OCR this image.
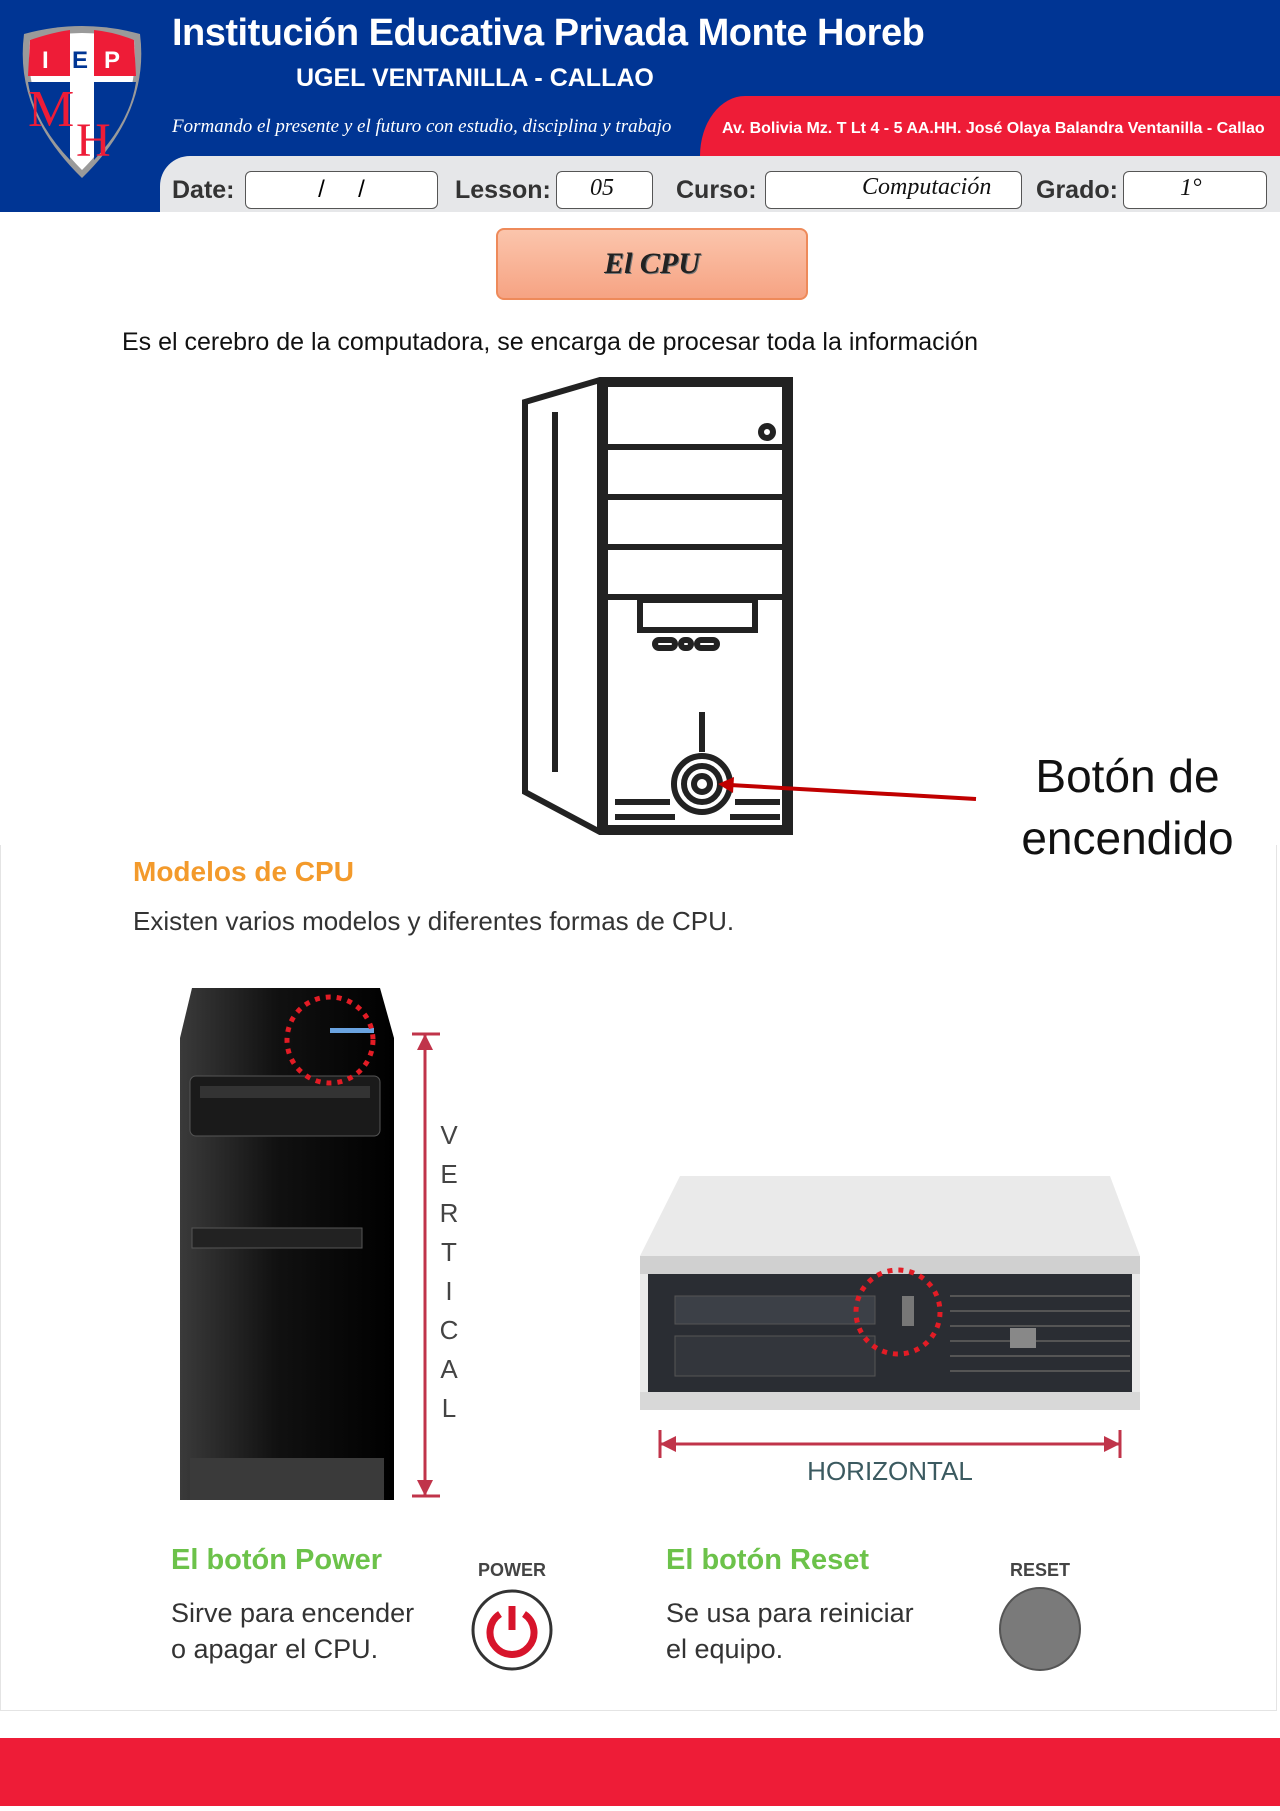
I E P
M
H
Institución Educativa Privada Monte Horeb
UGEL VENTANILLA - CALLAO
Formando el presente y el futuro con estudio, disciplina y trabajo	Av. Bolivia Mz. T Lt 4 - 5 AA.HH. José Olaya Balandra Ventanilla - Callao
Date:	/     /	Lesson: 05 Curso:	Computación Grado:	1°
El CPU
Es el cerebro de la computadora, se encarga de procesar toda la información
Botón de
encendido
Modelos de CPU
Existen varios modelos y diferentes formas de CPU.
V
E
R
T
I
C
A
L
HORIZONTAL
El botón Power
Sirve para encender
o apagar el CPU.
POWER	El botón Reset
Se usa para reiniciar
el equipo.
RESET
